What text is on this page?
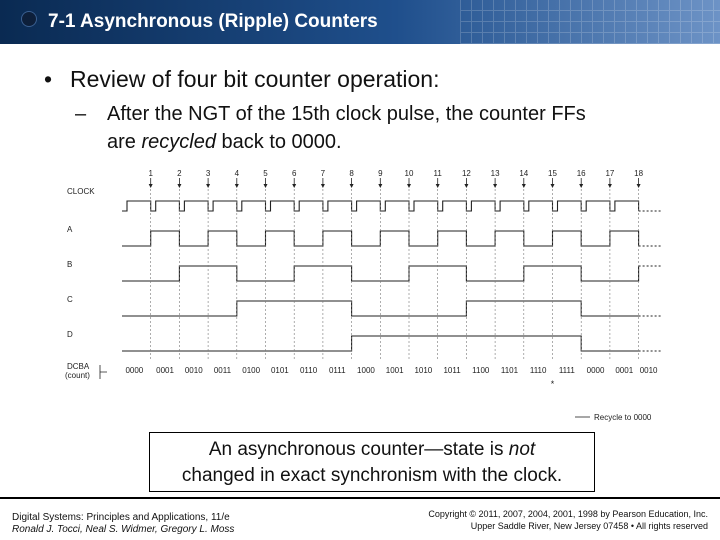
7-1 Asynchronous (Ripple) Counters
• Review of four bit counter operation:
– After the NGT of the 15th clock pulse, the counter FFs
are recycled back to 0000.
CLOCK
A
B
C
D
1	2	3	4	5	6	7	8	9	10	11	12 13 14 15 16 17 18
DCBA
(count)
0000 0001 0010 0011 0100 0101 0110 0111 1000 1001 1010 1011 1100 1101 1110 1111 0000 0001 0010
*
Recycle to 0000
An asynchronous counter—state is not
changed in exact synchronism with the clock.
Digital Systems: Principles and Applications, 11/e
Ronald J. Tocci, Neal S. Widmer, Gregory L. Moss
Copyright © 2011, 2007, 2004, 2001, 1998 by Pearson Education, Inc.
Upper Saddle River, New Jersey 07458 • All rights reserved
